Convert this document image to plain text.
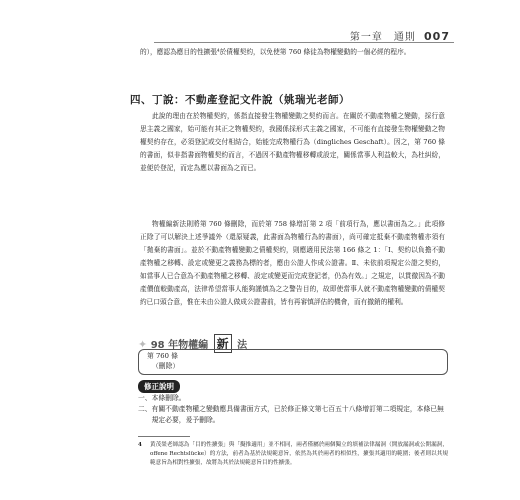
第一章　通則 007
的），應認為應目的性擴張⁴於債權契約，以免使第 760 條徒為物權變動的一個必經的程序。
四、丁說：不動產登記文件說（姚瑞光老師）
此說的理由在於物權契約，係指直接發生物權變動之契約而言。在關於不動產物權之變動，採行意思主義之國家，始可能有其正之物權契約，我國係採形式主義之國家，不可能有直接發生物權變動之物權契約存在，必須登記或交付相結合，始能完成物權行為（dingliches Geschaft）。因之，第 760 條的書面，似非指書面物權契約而言，不過因不動產物權移轉或設定，關係當事人利益較大，為杜糾紛，並便於登記，而定為應以書面為之而已。
物權編新法則將第 760 條刪除，而於第 758 條增訂第 2 項「前項行為，應以書面為之。」此項修正除了可以解決上述爭議外（還原疑義，此書面為物權行為的書面），尚可確定抵棄不動產物權亦須有「拋棄的書面」。並於不動產物權變動之債權契約，則應適用民法第 166 條之 1：「Ⅰ、契約以負擔不動產物權之移轉、設定或變更之義務為標的者，應由公證人作成公證書。Ⅱ、未依前項規定公證之契約，如當事人已合意為不動產物權之移轉、設定或變更而完成登記者，仍為有效。」之規定，以貫徹因為不動產價值較動產高，法律希望當事人能夠謹慎為之之警告目的，故即使當事人就不動產物權變動的債權契約已口頭合意，惟在未由公證人做成公證書前，皆有再審慎評估的機會，而有撤銷的權利。
✦ 98 年物權編 新 法
第 760 條
（刪除）
修正說明
一、 本條刪除。
二、 有關不動產物權之變動應具備書面方式，已於修正條文第七百五十八條增訂第二項規定，本條已無規定必要，爰予刪除。
4	黃茂榮老師認為「目的性擴張」與「擬推適用」並不相同，兩者僅屬於兩個獨立的填補法律漏洞（開放漏洞或公開漏洞，offene Rechtslücke）的方法，前者為基於法規範意旨，依然為其於兩者的相似性，擴張其適用的範圍；後者則以其規範意旨為相對性擴張，故將為其於法規範意旨目的性擴張。
